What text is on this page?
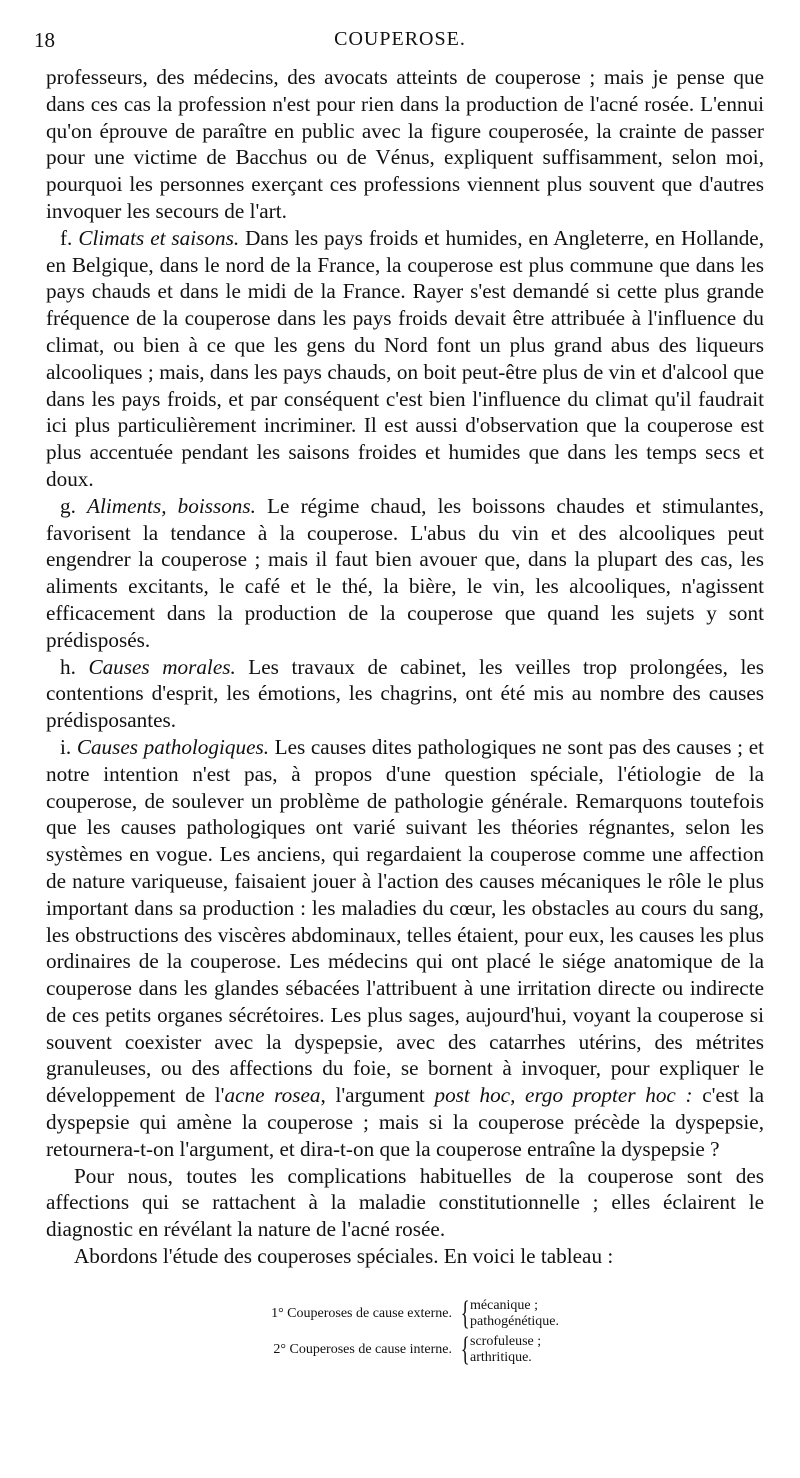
18	COUPEROSE.

professeurs, des médecins, des avocats atteints de couperose ; mais je pense que dans ces cas la profession n'est pour rien dans la production de l'acné rosée. L'ennui qu'on éprouve de paraître en public avec la figure couperosée, la crainte de passer pour une victime de Bacchus ou de Vénus, expliquent suffisamment, selon moi, pourquoi les personnes exerçant ces professions viennent plus souvent que d'autres invoquer les secours de l'art.

f. Climats et saisons. Dans les pays froids et humides, en Angleterre, en Hollande, en Belgique, dans le nord de la France, la couperose est plus commune que dans les pays chauds et dans le midi de la France. Rayer s'est demandé si cette plus grande fréquence de la couperose dans les pays froids devait être attribuée à l'influence du climat, ou bien à ce que les gens du Nord font un plus grand abus des liqueurs alcooliques ; mais, dans les pays chauds, on boit peut-être plus de vin et d'alcool que dans les pays froids, et par conséquent c'est bien l'influence du climat qu'il faudrait ici plus particulièrement incriminer. Il est aussi d'observation que la couperose est plus accentuée pendant les saisons froides et humides que dans les temps secs et doux.

g. Aliments, boissons. Le régime chaud, les boissons chaudes et stimulantes, favorisent la tendance à la couperose. L'abus du vin et des alcooliques peut engendrer la couperose ; mais il faut bien avouer que, dans la plupart des cas, les aliments excitants, le café et le thé, la bière, le vin, les alcooliques, n'agissent efficacement dans la production de la couperose que quand les sujets y sont prédisposés.

h. Causes morales. Les travaux de cabinet, les veilles trop prolongées, les contentions d'esprit, les émotions, les chagrins, ont été mis au nombre des causes prédisposantes.

i. Causes pathologiques. Les causes dites pathologiques ne sont pas des causes ; et notre intention n'est pas, à propos d'une question spéciale, l'étiologie de la couperose, de soulever un problème de pathologie générale. Remarquons toutefois que les causes pathologiques ont varié suivant les théories régnantes, selon les systèmes en vogue. Les anciens, qui regardaient la couperose comme une affection de nature variqueuse, faisaient jouer à l'action des causes mécaniques le rôle le plus important dans sa production : les maladies du cœur, les obstacles au cours du sang, les obstructions des viscères abdominaux, telles étaient, pour eux, les causes les plus ordinaires de la couperose. Les médecins qui ont placé le siége anatomique de la couperose dans les glandes sébacées l'attribuent à une irritation directe ou indirecte de ces petits organes sécrétoires. Les plus sages, aujourd'hui, voyant la couperose si souvent coexister avec la dyspepsie, avec des catarrhes utérins, des métrites granuleuses, ou des affections du foie, se bornent à invoquer, pour expliquer le développement de l'acne rosea, l'argument post hoc, ergo propter hoc : c'est la dyspepsie qui amène la couperose ; mais si la couperose précède la dyspepsie, retournera-t-on l'argument, et dira-t-on que la couperose entraîne la dyspepsie ?

Pour nous, toutes les complications habituelles de la couperose sont des affections qui se rattachent à la maladie constitutionnelle ; elles éclairent le diagnostic en révélant la nature de l'acné rosée.

Abordons l'étude des couperoses spéciales. En voici le tableau :

1° Couperoses de cause externe. { mécanique ;
pathogénétique.
2° Couperoses de cause interne. { scrofuleuse ;
arthritique.
